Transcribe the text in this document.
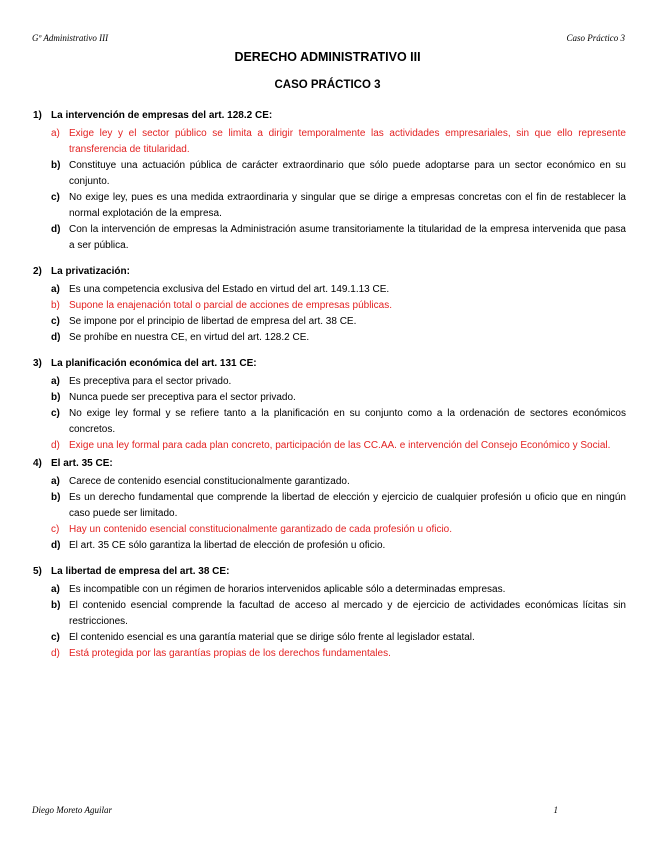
Gº Administrativo III	Caso Práctico 3
DERECHO ADMINISTRATIVO III
CASO PRÁCTICO 3
1) La intervención de empresas del art. 128.2 CE:
a) Exige ley y el sector público se limita a dirigir temporalmente las actividades empresariales, sin que ello represente transferencia de titularidad.
b) Constituye una actuación pública de carácter extraordinario que sólo puede adoptarse para un sector económico en su conjunto.
c) No exige ley, pues es una medida extraordinaria y singular que se dirige a empresas concretas con el fin de restablecer la normal explotación de la empresa.
d) Con la intervención de empresas la Administración asume transitoriamente la titularidad de la empresa intervenida que pasa a ser pública.
2) La privatización:
a) Es una competencia exclusiva del Estado en virtud del art. 149.1.13 CE.
b) Supone la enajenación total o parcial de acciones de empresas públicas.
c) Se impone por el principio de libertad de empresa del art. 38 CE.
d) Se prohíbe en nuestra CE, en virtud del art. 128.2 CE.
3) La planificación económica del art. 131 CE:
a) Es preceptiva para el sector privado.
b) Nunca puede ser preceptiva para el sector privado.
c) No exige ley formal y se refiere tanto a la planificación en su conjunto como a la ordenación de sectores económicos concretos.
d) Exige una ley formal para cada plan concreto, participación de las CC.AA. e intervención del Consejo Económico y Social.
4) El art. 35 CE:
a) Carece de contenido esencial constitucionalmente garantizado.
b) Es un derecho fundamental que comprende la libertad de elección y ejercicio de cualquier profesión u oficio que en ningún caso puede ser limitado.
c) Hay un contenido esencial constitucionalmente garantizado de cada profesión u oficio.
d) El art. 35 CE sólo garantiza la libertad de elección de profesión u oficio.
5) La libertad de empresa del art. 38 CE:
a) Es incompatible con un régimen de horarios intervenidos aplicable sólo a determinadas empresas.
b) El contenido esencial comprende la facultad de acceso al mercado y de ejercicio de actividades económicas lícitas sin restricciones.
c) El contenido esencial es una garantía material que se dirige sólo frente al legislador estatal.
d) Está protegida por las garantías propias de los derechos fundamentales.
Diego Moreto Aguilar	1
